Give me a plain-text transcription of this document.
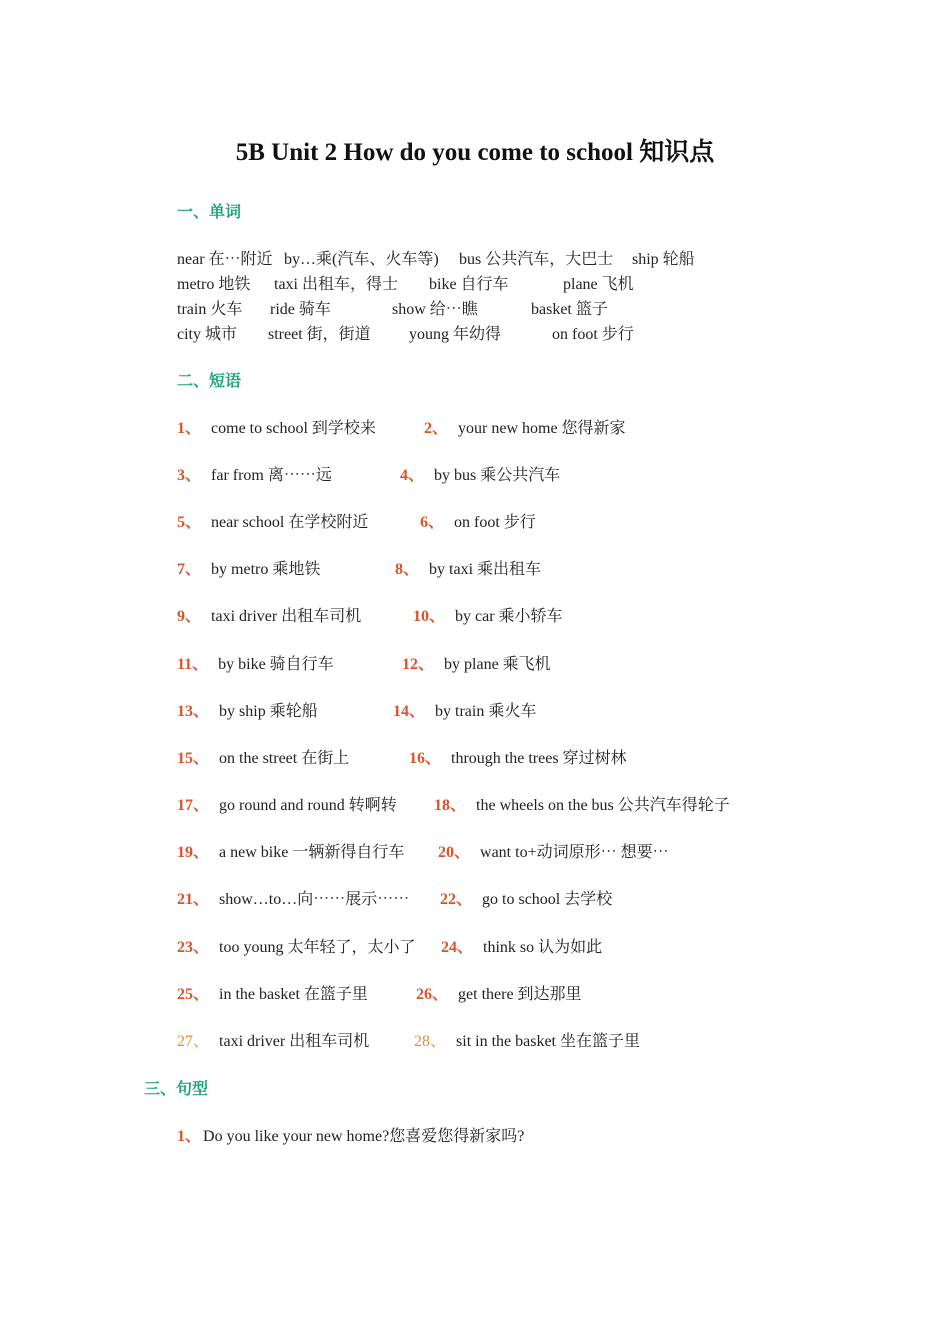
5B Unit 2 How do you come to school 知识点
一、单词
near 在⋯附近 by…乘(汽车、火车等) bus 公共汽车，大巴士 ship 轮船
metro 地铁 taxi 出租车，得士 bike 自行车	plane 飞机
train 火车 ride 骑车	show 给⋯瞧	basket 篮子
city 城市 street 街，街道 young 年幼得	on foot 步行
二、短语
1、 come to school 到学校来	2、 your new home 您得新家
3、 far from 离⋯⋯远	4、 by bus 乘公共汽车
5、 near school 在学校附近	6、 on foot 步行
7、 by metro 乘地铁	8、 by taxi 乘出租车
9、 taxi driver 出租车司机	10、 by car 乘小轿车
11、 by bike 骑自行车	12、 by plane 乘飞机
13、 by ship 乘轮船	14、 by train 乘火车
15、 on the street 在街上	16、 through the trees 穿过树林
17、 go round and round 转啊转 18、 the wheels on the bus 公共汽车得轮子
19、 a new bike 一辆新得自行车 20、 want to+动词原形⋯ 想要⋯
21、 show…to…向⋯⋯展示⋯⋯ 22、 go to school 去学校
23、 too young 太年轻了，太小了 24、 think so 认为如此
25、 in the basket 在篮子里	26、 get there 到达那里
27、 taxi driver 出租车司机	28、 sit in the basket 坐在篮子里
三、句型
1、 Do you like your new home?您喜爱您得新家吗?
